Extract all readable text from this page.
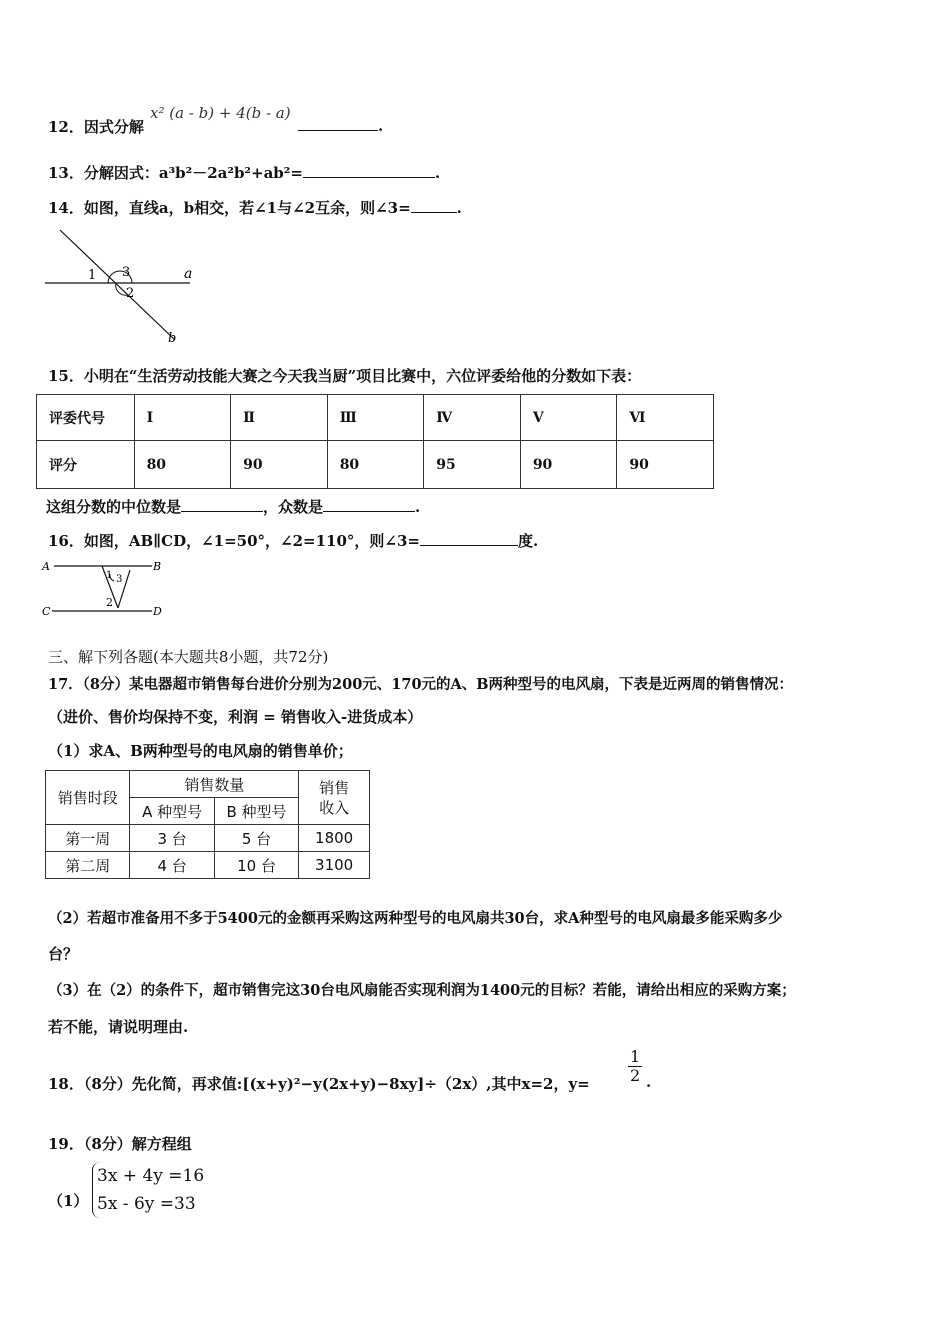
12．因式分解
x² (a - b) + 4(b - a)
.
13．分解因式：a³b²－2a²b²+ab²=	.
14．如图，直线a，b相交，若∠1与∠2互余，则∠3=	.
1 3
2
a
b
15．小明在“生活劳动技能大赛之今天我当厨”项目比赛中，六位评委给他的分数如下表：
评委代号	Ⅰ	Ⅱ	Ⅲ	Ⅳ	Ⅴ	Ⅵ
评分	80	90	80	95	90	90
这组分数的中位数是	，众数是	.
16．如图，AB∥CD，∠1=50°，∠2=110°，则∠3=	度.
A	B
C	D
1 3
2
三、解下列各题(本大题共8小题，共72分)
17．（8分）某电器超市销售每台进价分别为200元、170元的A、B两种型号的电风扇，下表是近两周的销售情况：
（进价、售价均保持不变，利润 = 销售收入-进货成本）
（1）求A、B两种型号的电风扇的销售单价；
销售时段	销售数量		销售
收入

	A 种型号	B 种型号	
第一周	3 台	5 台	1800
第二周	4 台	10 台	3100
（2）若超市准备用不多于5400元的金额再采购这两种型号的电风扇共30台，求A种型号的电风扇最多能采购多少
台？
（3）在（2）的条件下，超市销售完这30台电风扇能否实现利润为1400元的目标？若能，请给出相应的采购方案；
若不能，请说明理由.
18．（8分）先化简，再求值:[(x+y)²−y(2x+y)−8xy]÷（2x）,其中x=2，$y= \frac{1}{2}$ .
19．（8分）解方程组
（1）
3x + 4y =16
5x - 6y =33
